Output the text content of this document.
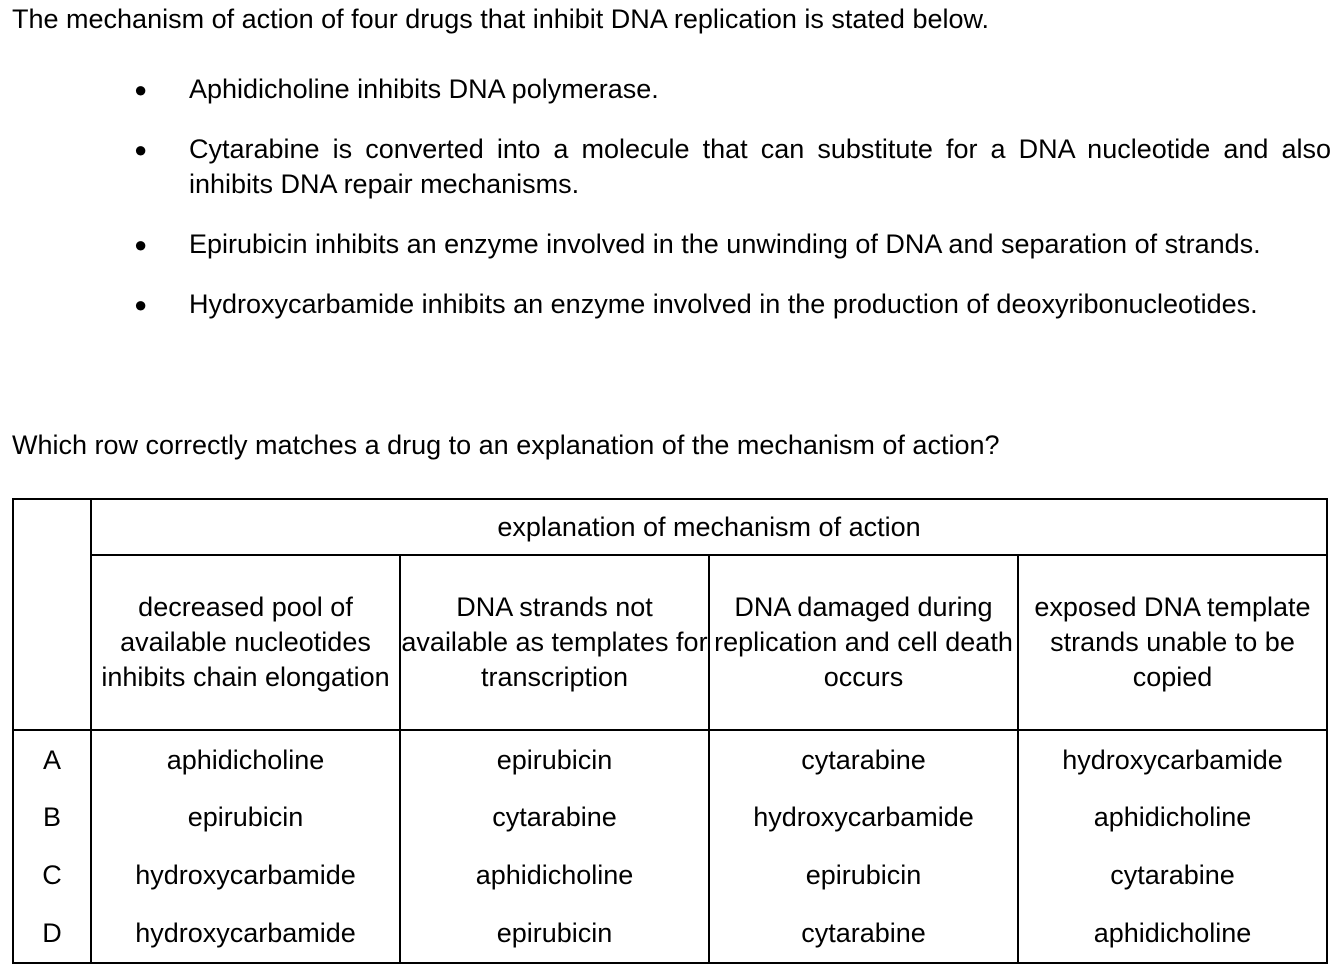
The mechanism of action of four drugs that inhibit DNA replication is stated below.

● Aphidicholine inhibits DNA polymerase.
● Cytarabine is converted into a molecule that can substitute for a DNA nucleotide and also inhibits DNA repair mechanisms.
● Epirubicin inhibits an enzyme involved in the unwinding of DNA and separation of strands.
● Hydroxycarbamide inhibits an enzyme involved in the production of deoxyribonucleotides.

Which row correctly matches a drug to an explanation of the mechanism of action?

	explanation of mechanism of action			
	decreased pool of available nucleotides inhibits chain elongation	DNA strands not available as templates for transcription	DNA damaged during replication and cell death occurs	exposed DNA template strands unable to be copied
A	aphidicholine	epirubicin	cytarabine	hydroxycarbamide
B	epirubicin	cytarabine	hydroxycarbamide	aphidicholine
C	hydroxycarbamide	aphidicholine	epirubicin	cytarabine
D	hydroxycarbamide	epirubicin	cytarabine	aphidicholine
